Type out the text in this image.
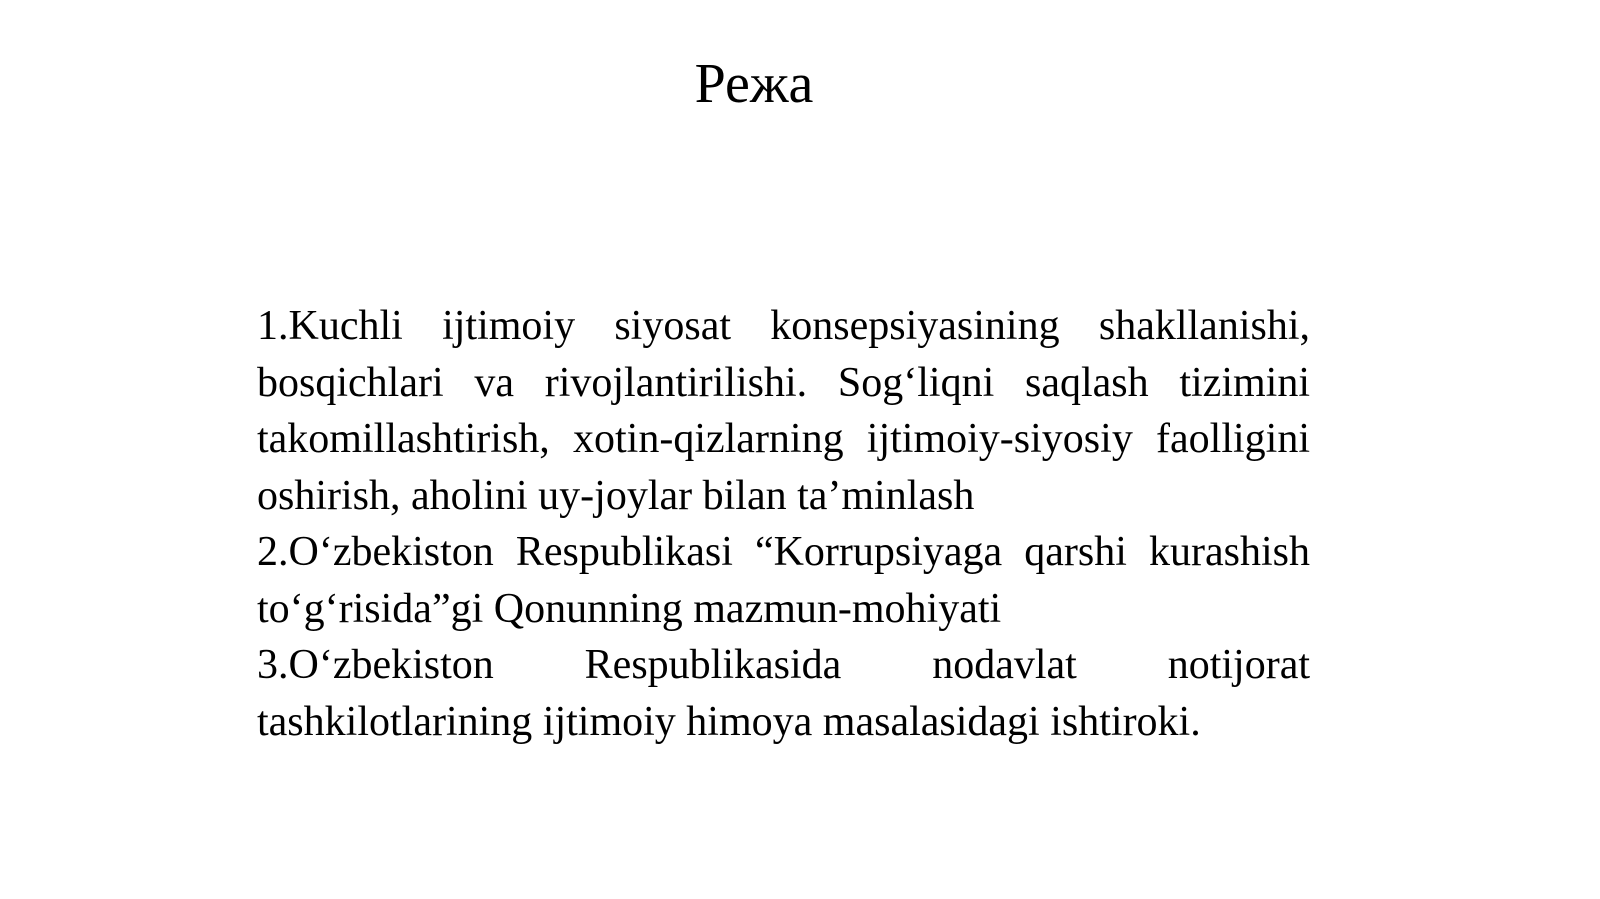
Режа

1.Kuchli ijtimoiy siyosat konsepsiyasining shakllanishi, bosqichlari va rivojlantirilishi. Sog‘liqni saqlash tizimini takomillashtirish, xotin-qizlarning ijtimoiy-siyosiy faolligini oshirish, aholini uy-joylar bilan ta’minlash

2.O‘zbekiston Respublikasi “Korrupsiyaga qarshi kurashish to‘g‘risida”gi Qonunning mazmun-mohiyati

3.O‘zbekiston Respublikasida nodavlat notijorat tashkilotlarining ijtimoiy himoya masalasidagi ishtiroki.
